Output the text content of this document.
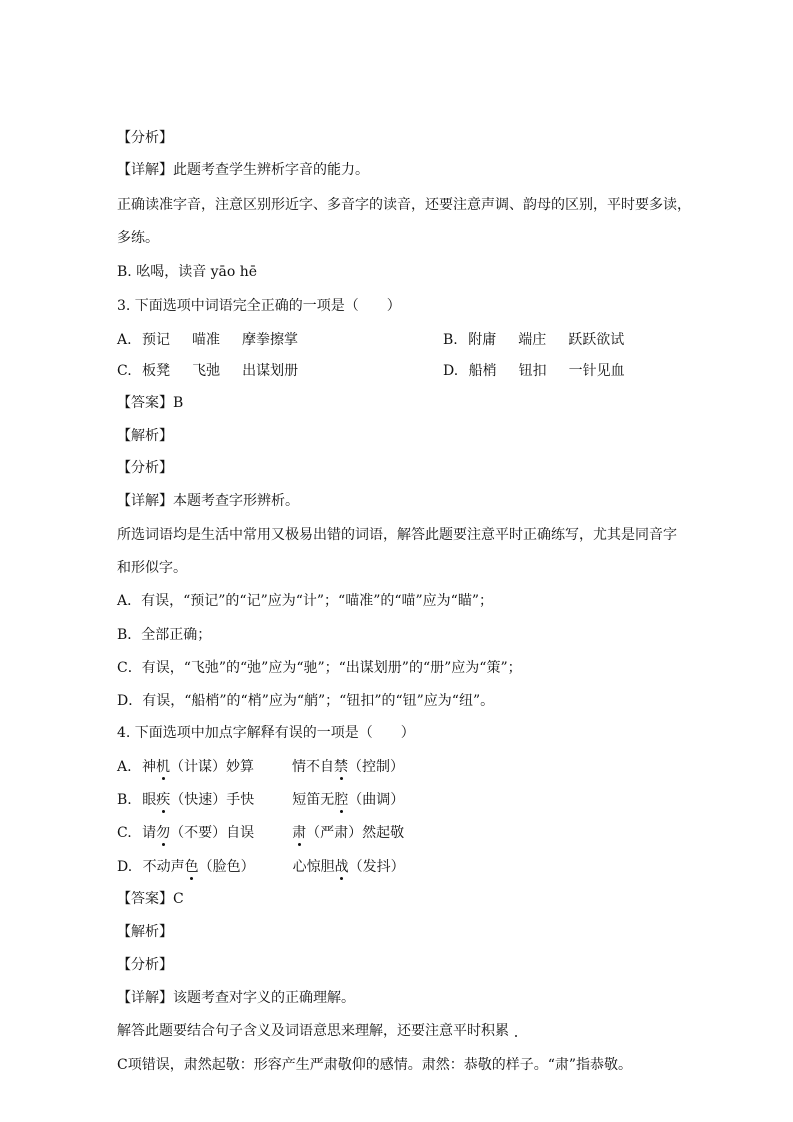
【分析】
【详解】此题考查学生辨析字音的能力。
正确读准字音，注意区别形近字、多音字的读音，还要注意声调、韵母的区别，平时要多读，
多练。
B. 吆喝，读音 yāo hē
3. 下面选项中词语完全正确的一项是（　　）
A. 预记 喵准 摩拳擦掌	B. 附庸 端庄 跃跃欲试
C. 板凳 飞弛 出谋划册	D. 船梢 钮扣 一针见血
【答案】B
【解析】
【分析】
【详解】本题考查字形辨析。
所选词语均是生活中常用又极易出错的词语，解答此题要注意平时正确练写，尤其是同音字
和形似字。
A．有误，“预记”的“记”应为“计”；“喵准”的“喵”应为“瞄”；
B．全部正确；
C．有误，“飞弛”的“弛”应为“驰”；“出谋划册”的“册”应为“策”；
D．有误，“船梢”的“梢”应为“艄”；“钮扣”的“钮”应为“纽”。
4. 下面选项中加点字解释有误的一项是（　　）
A. 神机（计谋）妙算	情不自禁（控制）
B. 眼疾（快速）手快	短笛无腔（曲调）
C. 请勿（不要）自误	肃（严肃）然起敬
D. 不动声色（脸色）	心惊胆战（发抖）
【答案】C
【解析】
【分析】
【详解】该题考查对字义的正确理解。
解答此题要结合句子含义及词语意思来理解，还要注意平时积累
C项错误，肃然起敬：形容产生严肃敬仰的感情。肃然：恭敬的样子。“肃”指恭敬。
